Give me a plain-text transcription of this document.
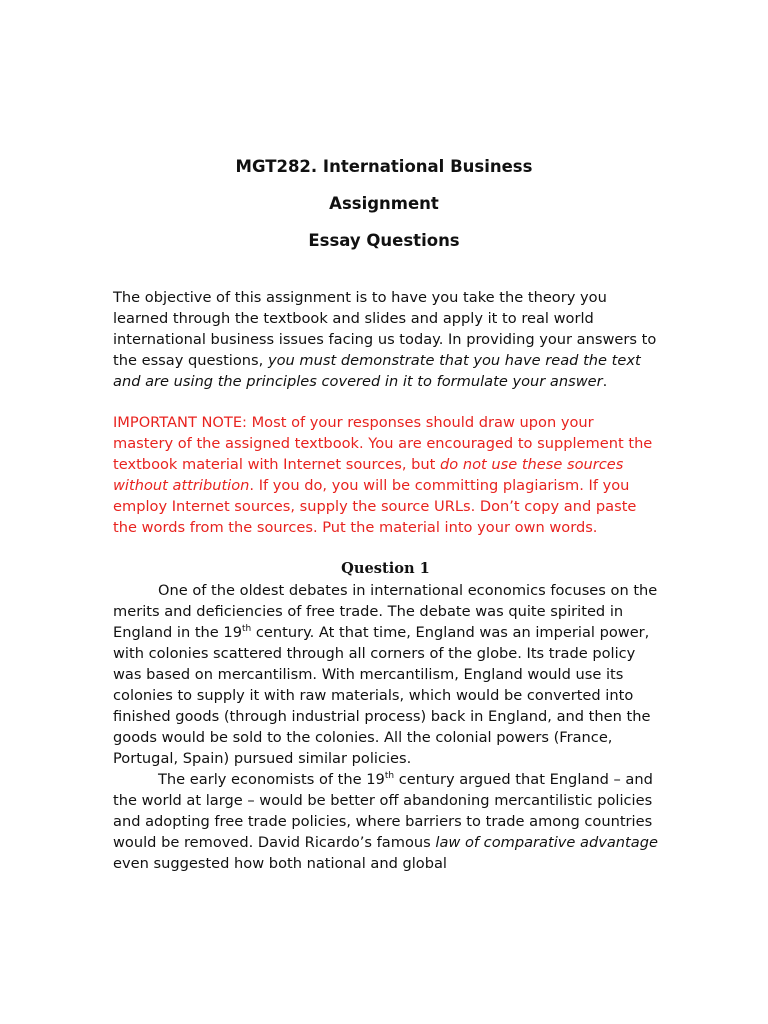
MGT282. International Business
Assignment
Essay Questions

The objective of this assignment is to have you take the theory you learned through the textbook and slides and apply it to real world international business issues facing us today. In providing your answers to the essay questions, you must demonstrate that you have read the text and are using the principles covered in it to formulate your answer.

IMPORTANT NOTE: Most of your responses should draw upon your mastery of the assigned textbook. You are encouraged to supplement the textbook material with Internet sources, but do not use these sources without attribution. If you do, you will be committing plagiarism. If you employ Internet sources, supply the source URLs. Don’t copy and paste the words from the sources. Put the material into your own words.

Question 1

One of the oldest debates in international economics focuses on the merits and deficiencies of free trade. The debate was quite spirited in England in the 19th century. At that time, England was an imperial power, with colonies scattered through all corners of the globe. Its trade policy was based on mercantilism. With mercantilism, England would use its colonies to supply it with raw materials, which would be converted into finished goods (through industrial process) back in England, and then the goods would be sold to the colonies. All the colonial powers (France, Portugal, Spain) pursued similar policies.

The early economists of the 19th century argued that England – and the world at large – would be better off abandoning mercantilistic policies and adopting free trade policies, where barriers to trade among countries would be removed. David Ricardo’s famous law of comparative advantage even suggested how both national and global
